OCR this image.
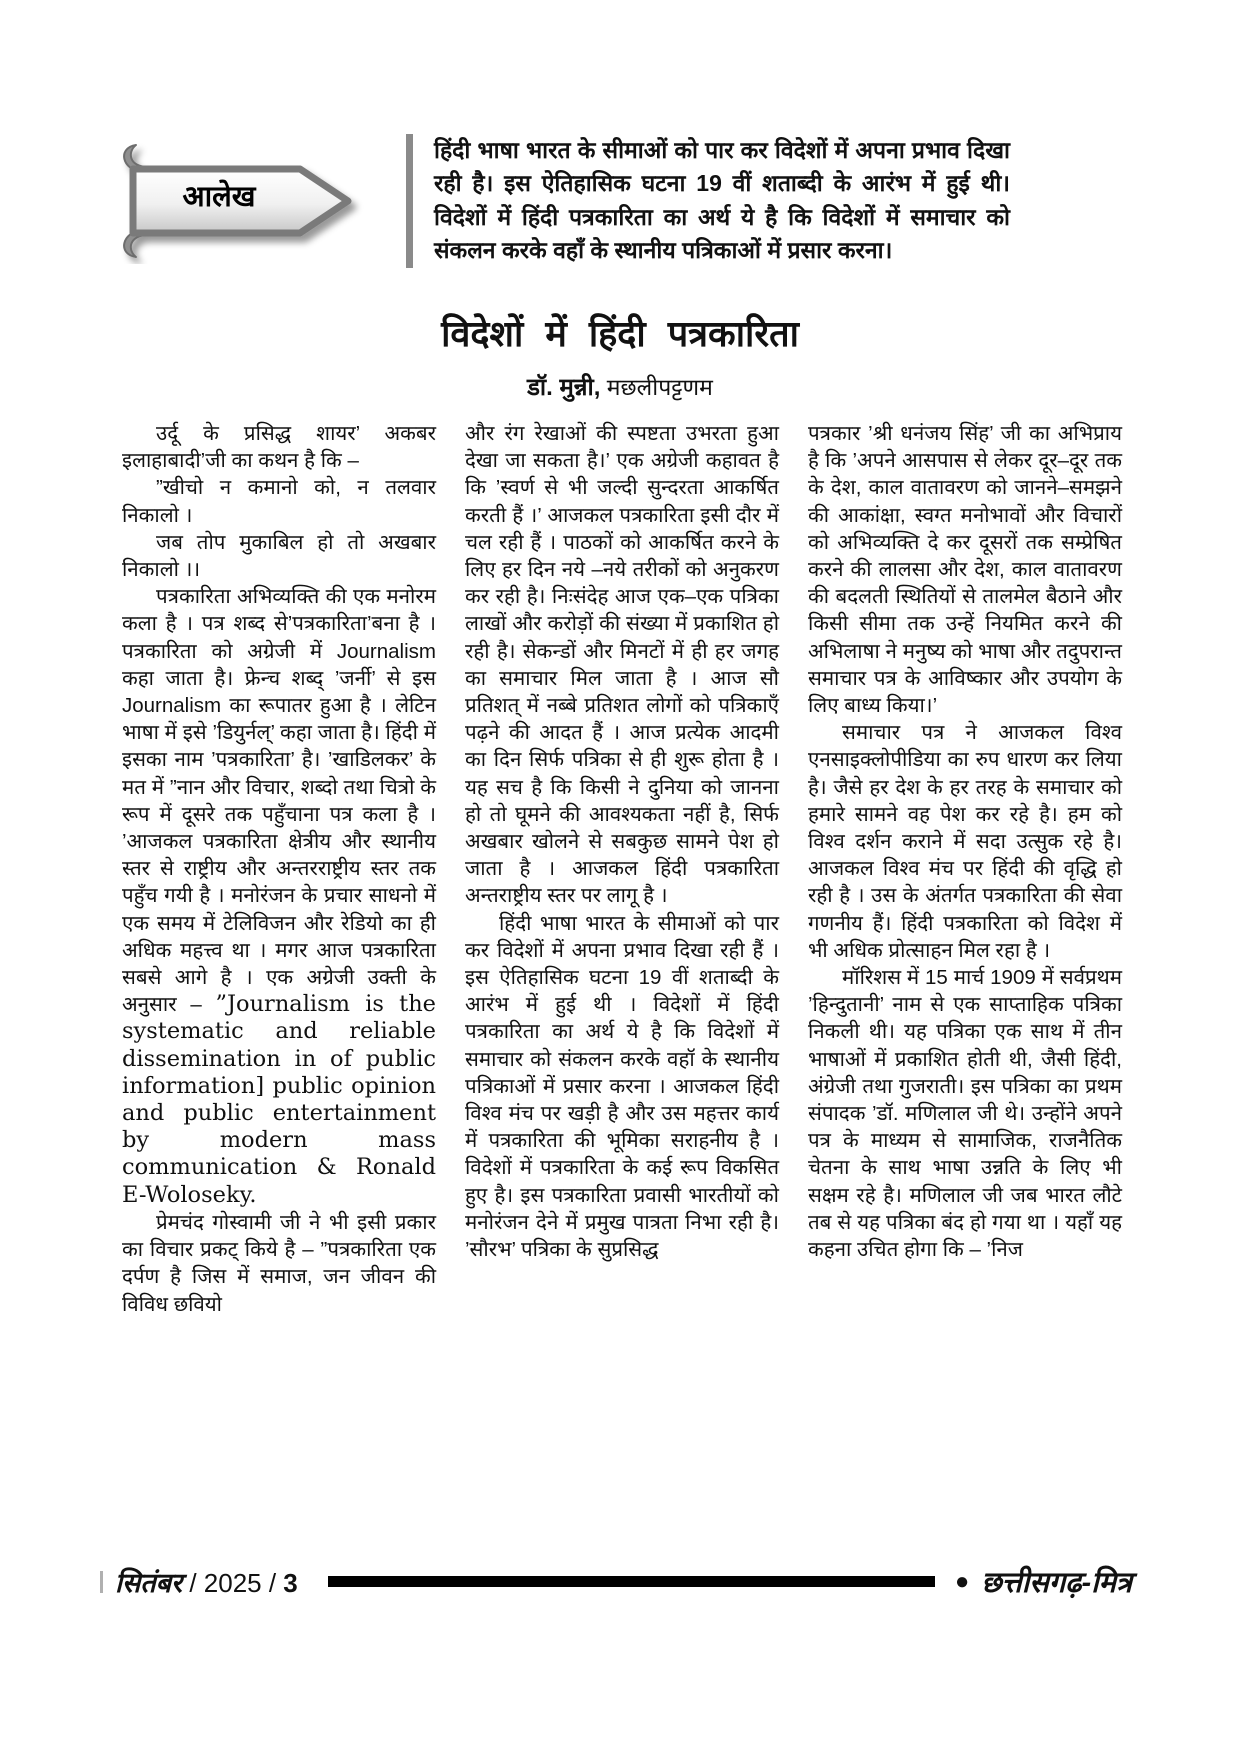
आलेख
हिंदी भाषा भारत के सीमाओं को पार कर विदेशों में अपना प्रभाव दिखा रही है। इस ऐतिहासिक घटना 19 वीं शताब्दी के आरंभ में हुई थी। विदेशों में हिंदी पत्रकारिता का अर्थ ये है कि विदेशों में समाचार को संकलन करके वहाँ के स्थानीय पत्रिकाओं में प्रसार करना।
विदेशों में हिंदी पत्रकारिता
डॉ. मुन्नी, मछलीपट्टणम

उर्दू के प्रसिद्ध शायर’ अकबर इलाहाबादी’जी का कथन है कि –

”खीचो न कमानो को, न तलवार निकालो ।

जब तोप मुकाबिल हो तो अखबार निकालो ।।

पत्रकारिता अभिव्यक्ति की एक मनोरम कला है । पत्र शब्द से’पत्रकारिता’बना है । पत्रकारिता को अग्रेजी में Journalism कहा जाता है। फ्रेन्च शब्द् ’जर्नी’ से इस Journalism का रूपातर हुआ है । लेटिन भाषा में इसे ’डियुर्नल्’ कहा जाता है। हिंदी में इसका नाम ’पत्रकारिता’ है। ’खाडिलकर’ के मत में ”नान और विचार, शब्दो तथा चित्रो के रूप में दूसरे तक पहुँचाना पत्र कला है । ’आजकल पत्रकारिता क्षेत्रीय और स्थानीय स्तर से राष्ट्रीय और अन्तरराष्ट्रीय स्तर तक पहुँच गयी है । मनोरंजन के प्रचार साधनो में एक समय में टेलिविजन और रेडियो का ही अधिक महत्त्व था । मगर आज पत्रकारिता सबसे आगे है । एक अग्रेजी उक्ती के अनुसार – ”Journalism is the systematic and reliable dissemination in of public information] public opinion and public entertainment by modern mass communication & Ronald E-Woloseky.

प्रेमचंद गोस्वामी जी ने भी इसी प्रकार का विचार प्रकट् किये है – ”पत्रकारिता एक दर्पण है जिस में समाज, जन जीवन की विविध छवियो

और रंग रेखाओं की स्पष्टता उभरता हुआ देखा जा सकता है।’ एक अग्रेजी कहावत है कि ’स्वर्ण से भी जल्दी सुन्दरता आकर्षित करती हैं ।’ आजकल पत्रकारिता इसी दौर में चल रही हैं । पाठकों को आकर्षित करने के लिए हर दिन नये –नये तरीकों को अनुकरण कर रही है। निःसंदेह आज एक–एक पत्रिका लाखों और करोड़ों की संख्या में प्रकाशित हो रही है। सेकन्डों और मिनटों में ही हर जगह का समाचार मिल जाता है । आज सौ प्रतिशत् में नब्बे प्रतिशत लोगों को पत्रिकाएँ पढ़ने की आदत हैं । आज प्रत्येक आदमी का दिन सिर्फ पत्रिका से ही शुरू होता है । यह सच है कि किसी ने दुनिया को जानना हो तो घूमने की आवश्यकता नहीं है, सिर्फ अखबार खोलने से सबकुछ सामने पेश हो जाता है । आजकल हिंदी पत्रकारिता अन्तराष्ट्रीय स्तर पर लागू है ।

हिंदी भाषा भारत के सीमाओं को पार कर विदेशों में अपना प्रभाव दिखा रही हैं । इस ऐतिहासिक घटना 19 वीं शताब्दी के आरंभ में हुई थी । विदेशों में हिंदी पत्रकारिता का अर्थ ये है कि विदेशों में समाचार को संकलन करके वहॉ के स्थानीय पत्रिकाओं में प्रसार करना । आजकल हिंदी विश्व मंच पर खड़ी है और उस महत्तर कार्य में पत्रकारिता की भूमिका सराहनीय है । विदेशों में पत्रकारिता के कई रूप विकसित हुए है। इस पत्रकारिता प्रवासी भारतीयों को मनोरंजन देने में प्रमुख पात्रता निभा रही है। ’सौरभ’ पत्रिका के सुप्रसिद्ध

पत्रकार ’श्री धनंजय सिंह’ जी का अभिप्राय है कि ’अपने आसपास से लेकर दूर–दूर तक के देश, काल वातावरण को जानने–समझने की आकांक्षा, स्वग्त मनोभावों और विचारों को अभिव्यक्ति दे कर दूसरों तक सम्प्रेषित करने की लालसा और देश, काल वातावरण की बदलती स्थितियों से तालमेल बैठाने और किसी सीमा तक उन्हें नियमित करने की अभिलाषा ने मनुष्य को भाषा और तदुपरान्त समाचार पत्र के आविष्कार और उपयोग के लिए बाध्य किया।’

समाचार पत्र ने आजकल विश्व एनसाइक्लोपीडिया का रुप धारण कर लिया है। जैसे हर देश के हर तरह के समाचार को हमारे सामने वह पेश कर रहे है। हम को विश्व दर्शन कराने में सदा उत्सुक रहे है। आजकल विश्व मंच पर हिंदी की वृद्धि हो रही है । उस के अंतर्गत पत्रकारिता की सेवा गणनीय हैं। हिंदी पत्रकारिता को विदेश में भी अधिक प्रोत्साहन मिल रहा है ।

मॉरिशस में 15 मार्च 1909 में सर्वप्रथम ’हिन्दुतानी’ नाम से एक साप्ताहिक पत्रिका निकली थी। यह पत्रिका एक साथ में तीन भाषाओं में प्रकाशित होती थी, जैसी हिंदी, अंग्रेजी तथा गुजराती। इस पत्रिका का प्रथम संपादक ’डॉ. मणिलाल जी थे। उन्होंने अपने पत्र के माध्यम से सामाजिक, राजनैतिक चेतना के साथ भाषा उन्नति के लिए भी सक्षम रहे है। मणिलाल जी जब भारत लौटे तब से यह पत्रिका बंद हो गया था । यहाँ यह कहना उचित होगा कि – ’निज

सितंबर / 2025 / 3	● छत्तीसगढ़-मित्र
